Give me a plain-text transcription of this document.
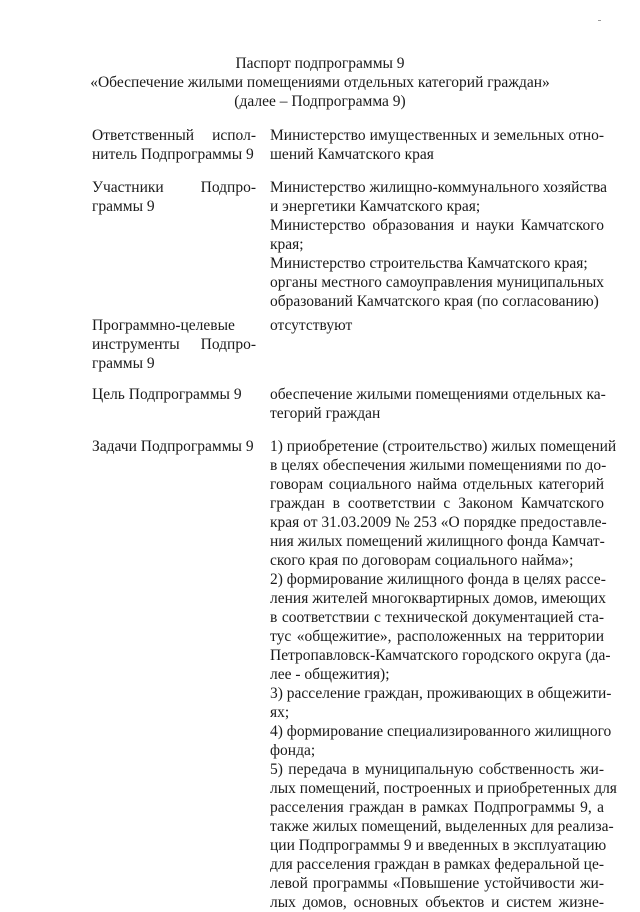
Паспорт подпрограммы 9
«Обеспечение жилыми помещениями отдельных категорий граждан»
(далее – Подпрограмма 9)
Ответственный испол-
нитель Подпрограммы 9
Министерство имущественных и земельных отно-
шений Камчатского края
Участники Подпро-
граммы 9
Министерство жилищно-коммунального хозяйства
и энергетики Камчатского края;
Министерство образования и науки Камчатского
края;
Министерство строительства Камчатского края;
органы местного самоуправления муниципальных
образований Камчатского края (по согласованию)
Программно-целевые
инструменты Подпро-
граммы 9
отсутствуют
Цель Подпрограммы 9	обеспечение жилыми помещениями отдельных ка-
тегорий граждан
Задачи Подпрограммы 9 1) приобретение (строительство) жилых помещений
в целях обеспечения жилыми помещениями по до-
говорам социального найма отдельных категорий
граждан в соответствии с Законом Камчатского
края от 31.03.2009 № 253 «О порядке предоставле-
ния жилых помещений жилищного фонда Камчат-
ского края по договорам социального найма»;
2) формирование жилищного фонда в целях рассе-
ления жителей многоквартирных домов, имеющих
в соответствии с технической документацией ста-
тус «общежитие», расположенных на территории
Петропавловск-Камчатского городского округа (да-
лее - общежития);
3) расселение граждан, проживающих в общежити-
ях;
4) формирование специализированного жилищного
фонда;
5) передача в муниципальную собственность жи-
лых помещений, построенных и приобретенных для
расселения граждан в рамках Подпрограммы 9, а
также жилых помещений, выделенных для реализа-
ции Подпрограммы 9 и введенных в эксплуатацию
для расселения граждан в рамках федеральной це-
левой программы «Повышение устойчивости жи-
лых домов, основных объектов и систем жизне-
